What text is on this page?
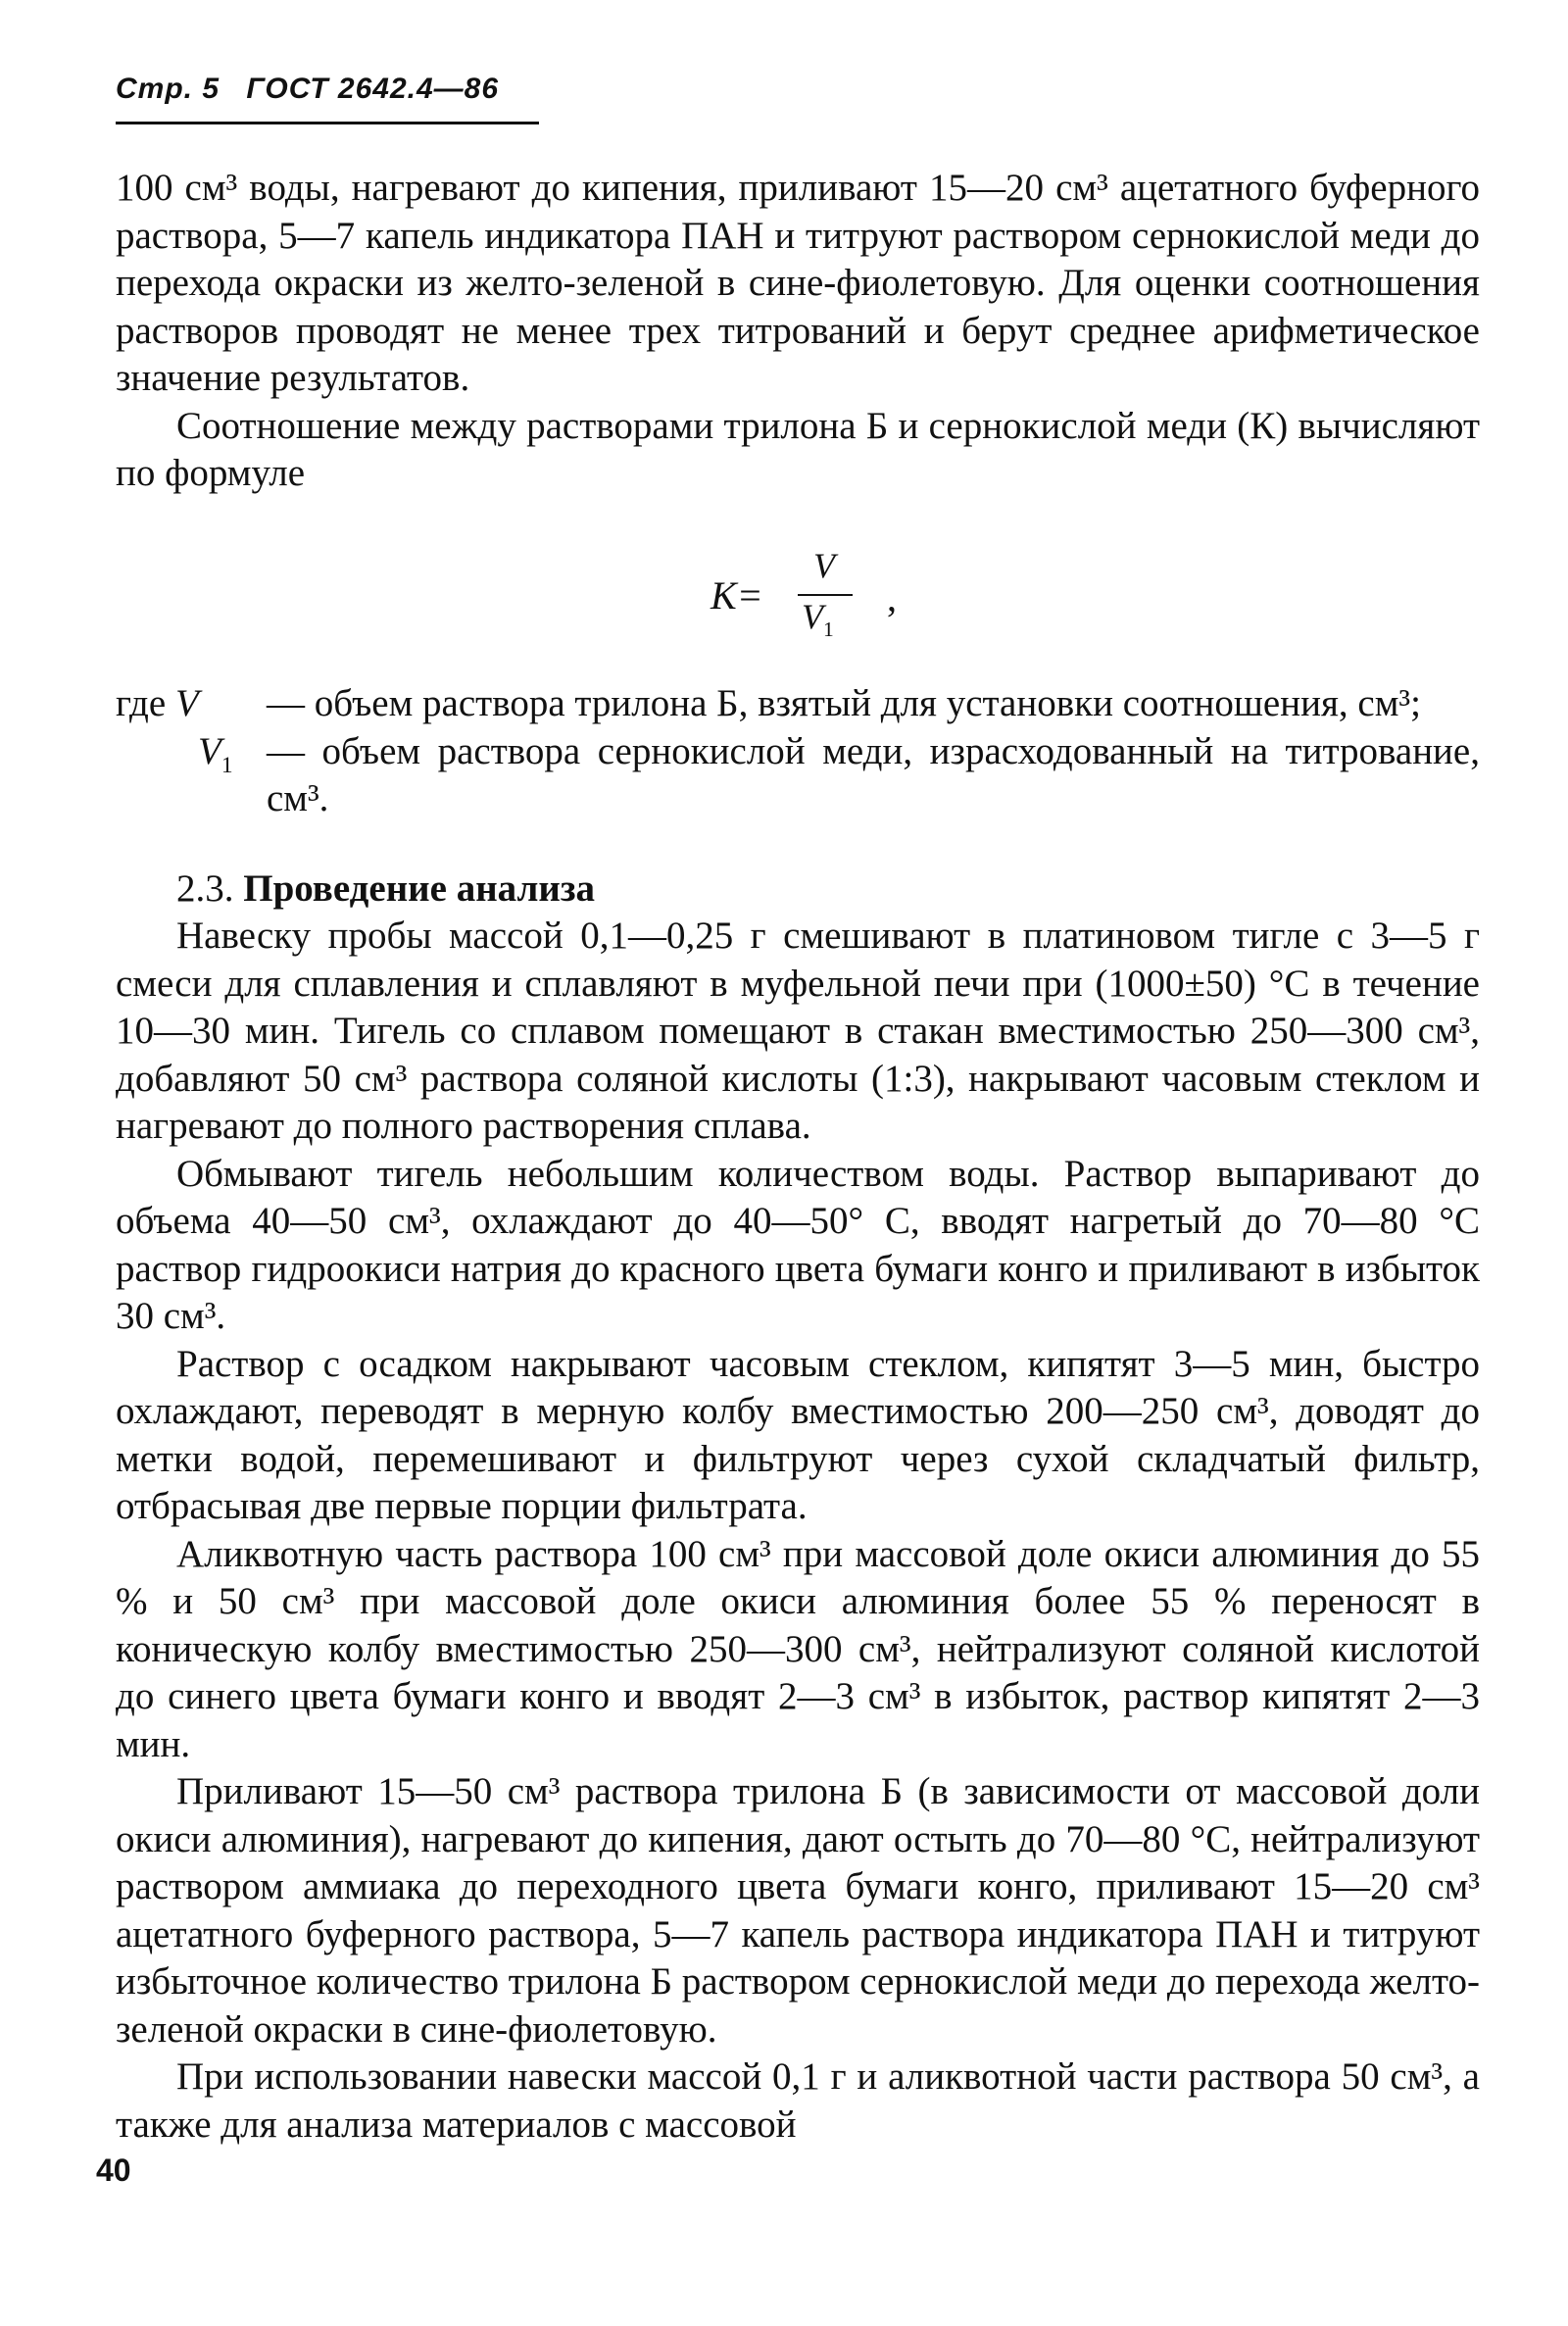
Стр. 5 ГОСТ 2642.4—86

100 см³ воды, нагревают до кипения, приливают 15—20 см³ ацетатного буферного раствора, 5—7 капель индикатора ПАН и титруют раствором сернокислой меди до перехода окраски из желто-зеленой в сине-фиолетовую. Для оценки соотношения растворов проводят не менее трех титрований и берут среднее арифметическое значение результатов.

Соотношение между растворами трилона Б и сернокислой меди (К) вычисляют по формуле

K=
V
$V_1$
,
где V	— объем раствора трилона Б, взятый для установки соотношения, см³;
$V_1$ — объем раствора сернокислой меди, израсходованный на титрование, см³.
2.3. Проведение анализа

Навеску пробы массой 0,1—0,25 г смешивают в платиновом тигле с 3—5 г смеси для сплавления и сплавляют в муфельной печи при (1000±50) °С в течение 10—30 мин. Тигель со сплавом помещают в стакан вместимостью 250—300 см³, добавляют 50 см³ раствора соляной кислоты (1:3), накрывают часовым стеклом и нагревают до полного растворения сплава.

Обмывают тигель небольшим количеством воды. Раствор выпаривают до объема 40—50 см³, охлаждают до 40—50° С, вводят нагретый до 70—80 °С раствор гидроокиси натрия до красного цвета бумаги конго и приливают в избыток 30 см³.

Раствор с осадком накрывают часовым стеклом, кипятят 3—5 мин, быстро охлаждают, переводят в мерную колбу вместимостью 200—250 см³, доводят до метки водой, перемешивают и фильтруют через сухой складчатый фильтр, отбрасывая две первые порции фильтрата.

Аликвотную часть раствора 100 см³ при массовой доле окиси алюминия до 55 % и 50 см³ при массовой доле окиси алюминия более 55 % переносят в коническую колбу вместимостью 250—300 см³, нейтрализуют соляной кислотой до синего цвета бумаги конго и вводят 2—3 см³ в избыток, раствор кипятят 2—3 мин.

Приливают 15—50 см³ раствора трилона Б (в зависимости от массовой доли окиси алюминия), нагревают до кипения, дают остыть до 70—80 °С, нейтрализуют раствором аммиака до переходного цвета бумаги конго, приливают 15—20 см³ ацетатного буферного раствора, 5—7 капель раствора индикатора ПАН и титруют избыточное количество трилона Б раствором сернокислой меди до перехода желто-зеленой окраски в сине-фиолетовую.

При использовании навески массой 0,1 г и аликвотной части раствора 50 см³, а также для анализа материалов с массовой

40
